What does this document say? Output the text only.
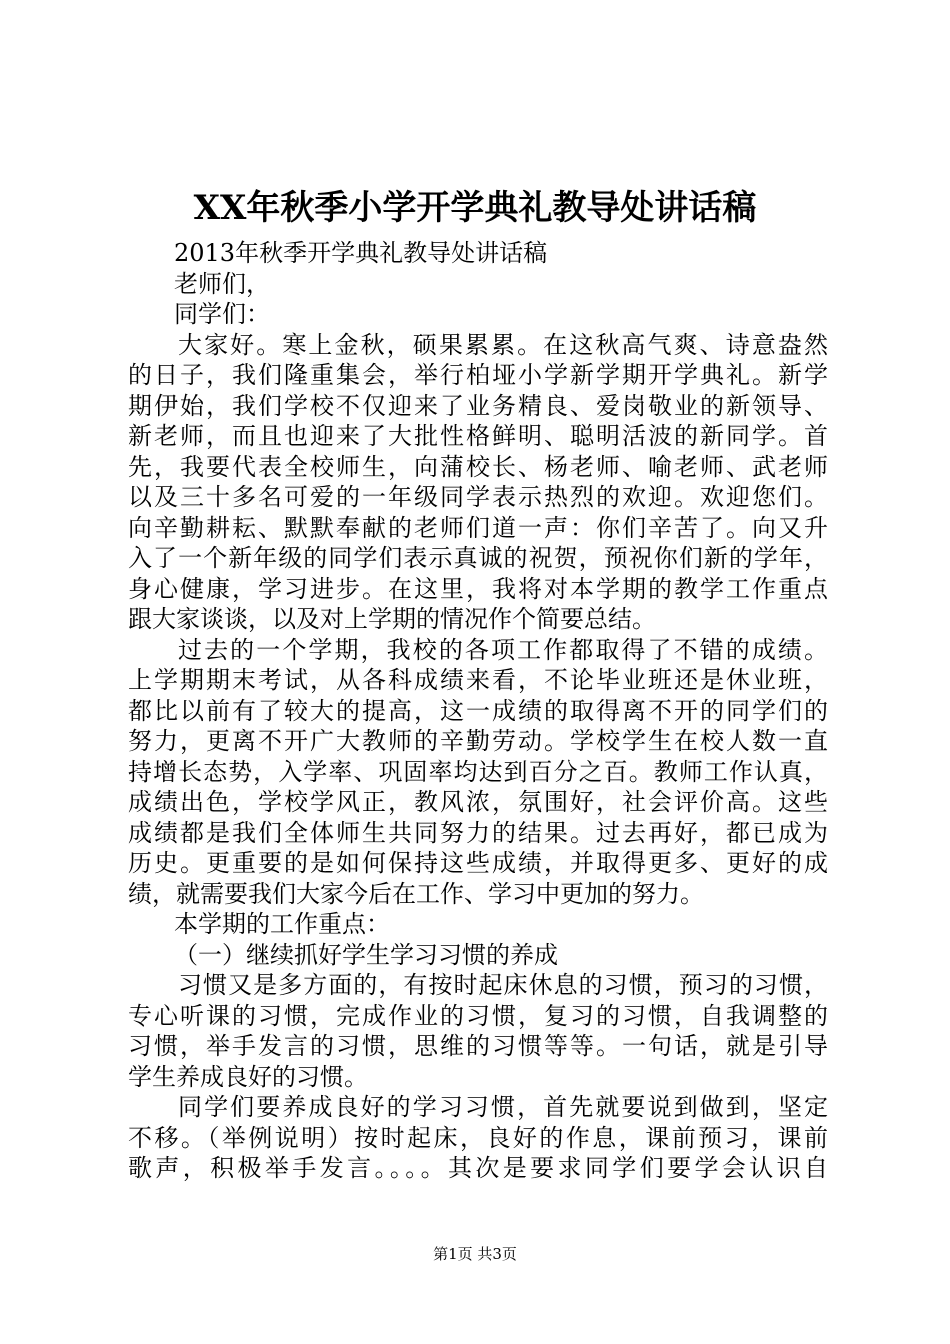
XX年秋季小学开学典礼教导处讲话稿
2013年秋季开学典礼教导处讲话稿
老师们，
同学们：
大家好。寒上金秋，硕果累累。在这秋高气爽、诗意盎然
的日子，我们隆重集会，举行柏垭小学新学期开学典礼。新学
期伊始，我们学校不仅迎来了业务精良、爱岗敬业的新领导、
新老师，而且也迎来了大批性格鲜明、聪明活波的新同学。首
先，我要代表全校师生，向蒲校长、杨老师、喻老师、武老师
以及三十多名可爱的一年级同学表示热烈的欢迎。欢迎您们。
向辛勤耕耘、默默奉献的老师们道一声：你们辛苦了。向又升
入了一个新年级的同学们表示真诚的祝贺，预祝你们新的学年，
身心健康，学习进步。在这里，我将对本学期的教学工作重点
跟大家谈谈，以及对上学期的情况作个简要总结。
过去的一个学期，我校的各项工作都取得了不错的成绩。
上学期期末考试，从各科成绩来看，不论毕业班还是休业班，
都比以前有了较大的提高，这一成绩的取得离不开的同学们的
努力，更离不开广大教师的辛勤劳动。学校学生在校人数一直
持增长态势，入学率、巩固率均达到百分之百。教师工作认真，
成绩出色，学校学风正，教风浓，氛围好，社会评价高。这些
成绩都是我们全体师生共同努力的结果。过去再好，都已成为
历史。更重要的是如何保持这些成绩，并取得更多、更好的成
绩，就需要我们大家今后在工作、学习中更加的努力。
本学期的工作重点：
（一）继续抓好学生学习习惯的养成
习惯又是多方面的，有按时起床休息的习惯，预习的习惯，
专心听课的习惯，完成作业的习惯，复习的习惯，自我调整的
习惯，举手发言的习惯，思维的习惯等等。一句话，就是引导
学生养成良好的习惯。
同学们要养成良好的学习习惯，首先就要说到做到，坚定
不移。（举例说明）按时起床，良好的作息，课前预习，课前
歌声，积极举手发言。。。。其次是要求同学们要学会认识自
第1页 共3页
